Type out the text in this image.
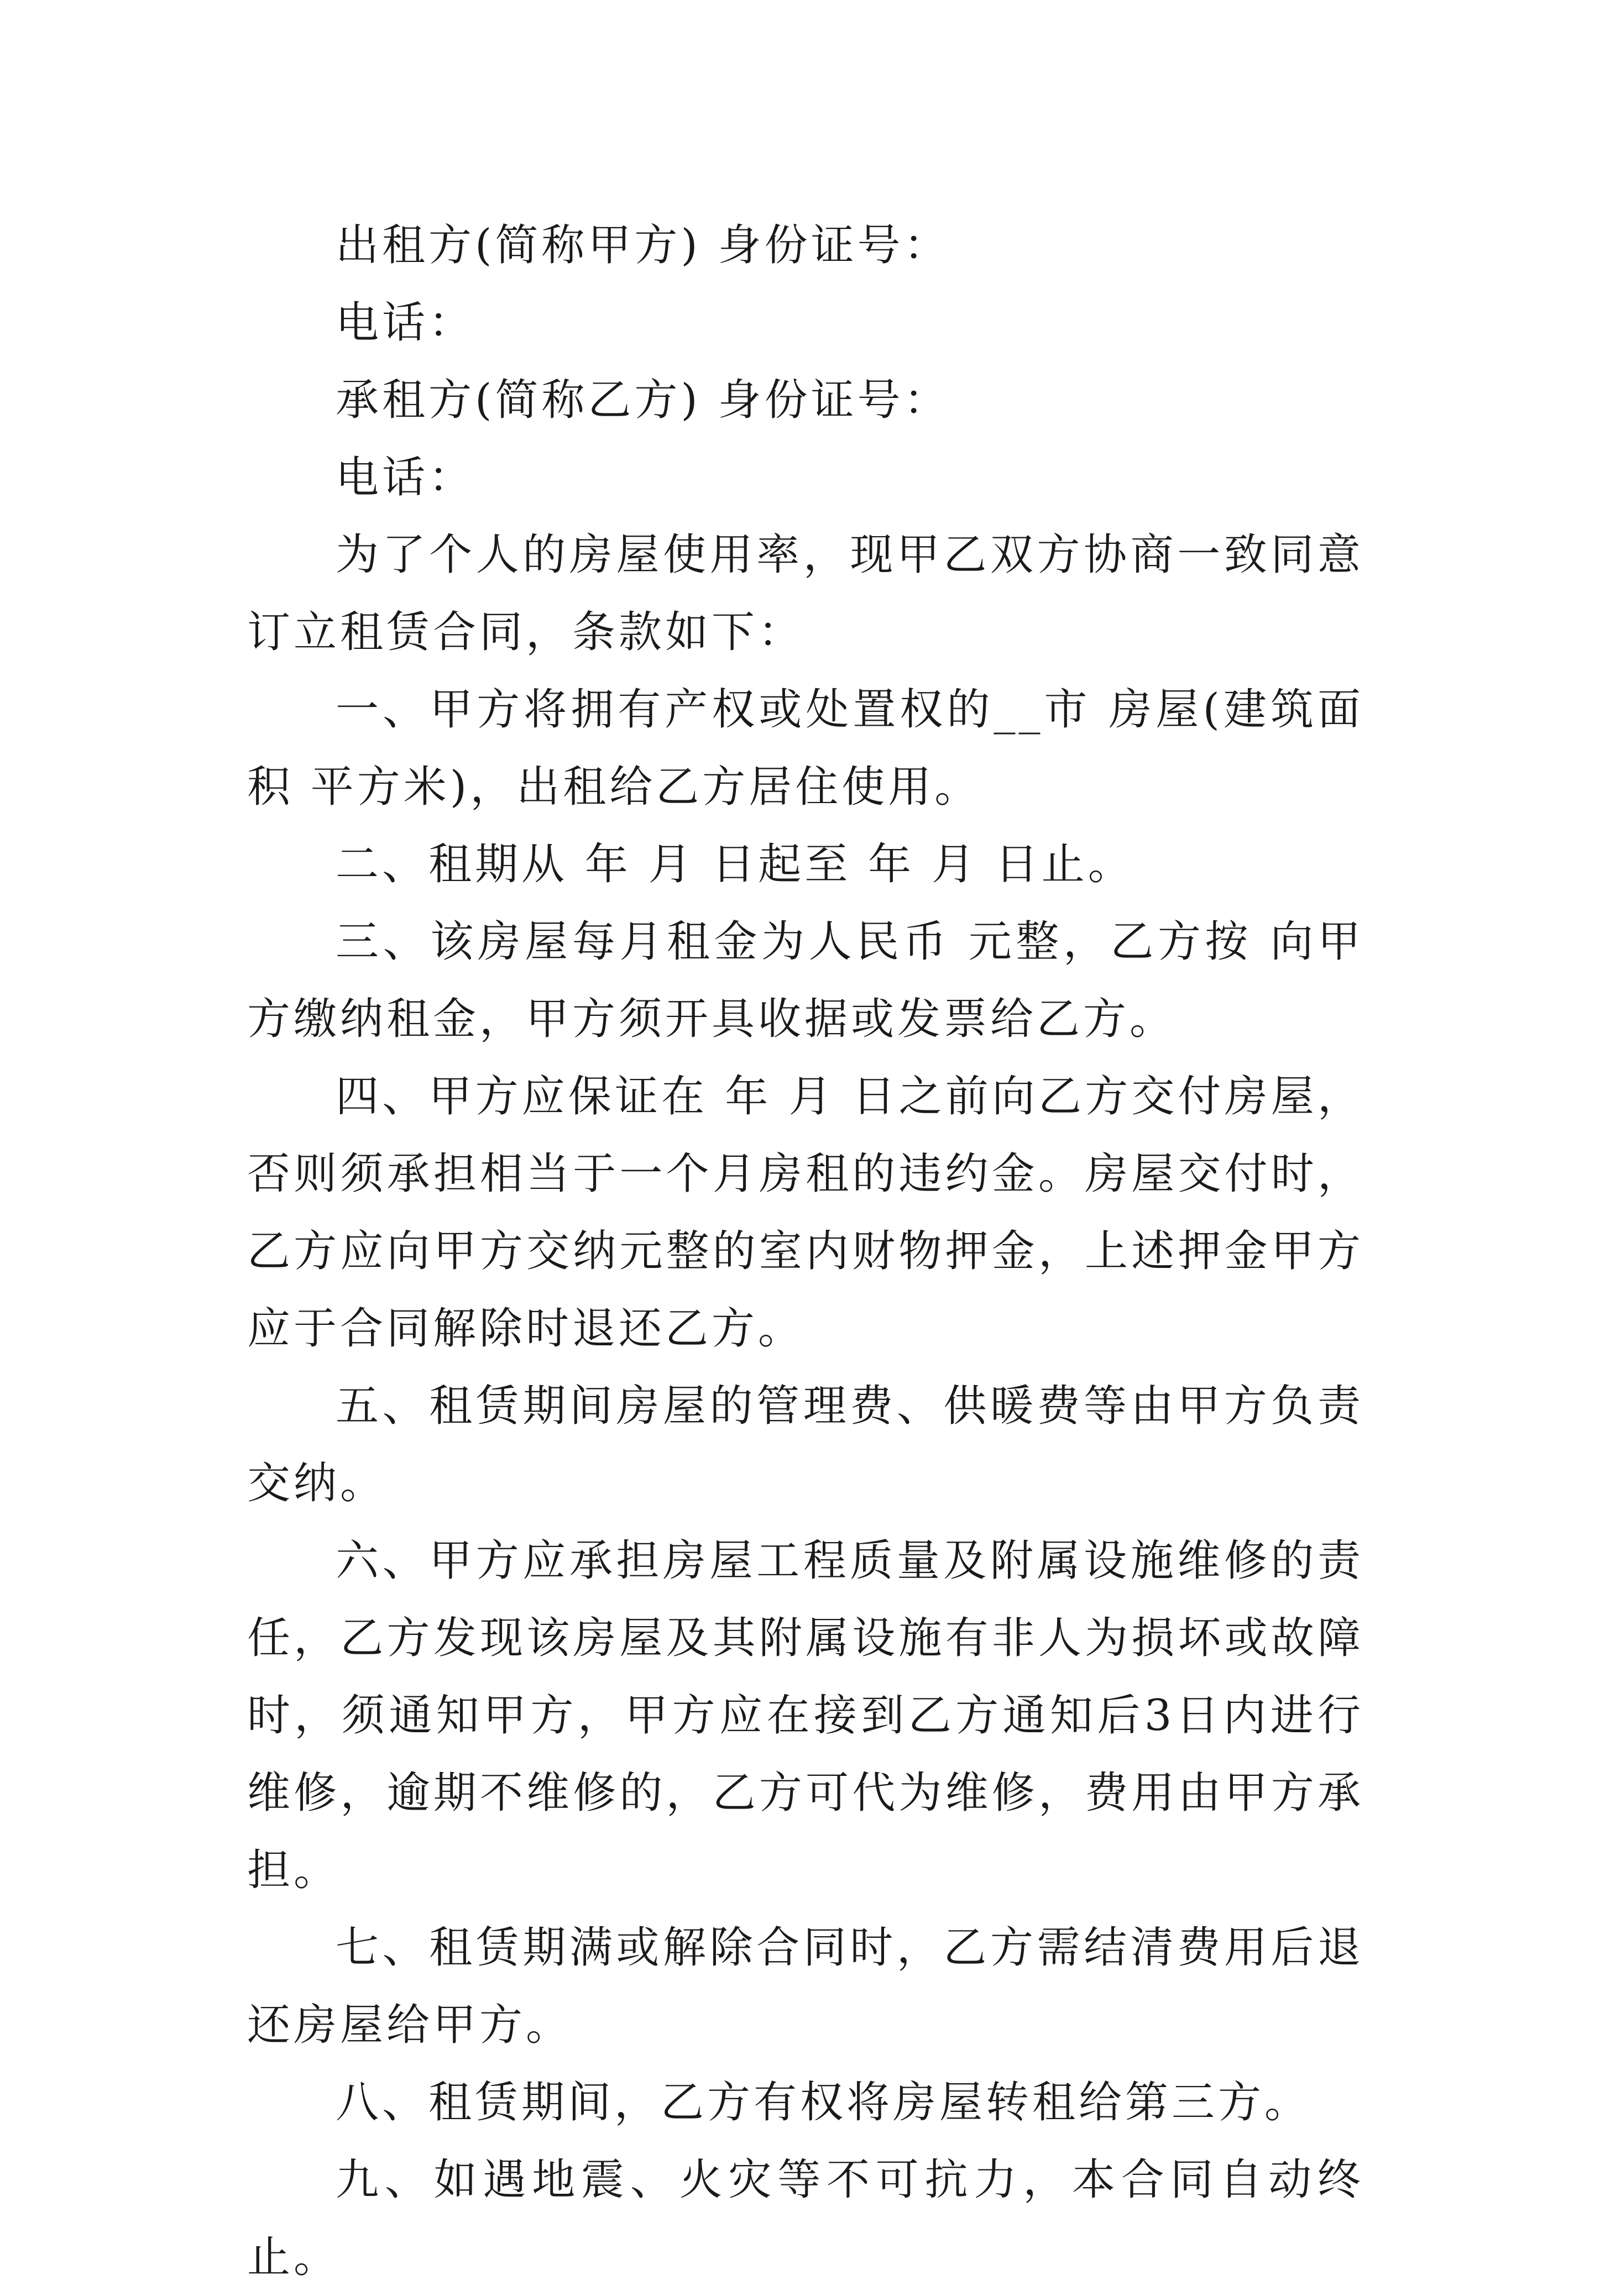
出租方(简称甲方) 身份证号：

电话：

承租方(简称乙方) 身份证号：

电话：

为了个人的房屋使用率，现甲乙双方协商一致同意订立租赁合同，条款如下：

一、甲方将拥有产权或处置权的__市 房屋(建筑面积 平方米)，出租给乙方居住使用。

二、租期从 年 月 日起至 年 月 日止。

三、该房屋每月租金为人民币 元整，乙方按 向甲方缴纳租金，甲方须开具收据或发票给乙方。

四、甲方应保证在 年 月 日之前向乙方交付房屋，否则须承担相当于一个月房租的违约金。房屋交付时，乙方应向甲方交纳元整的室内财物押金，上述押金甲方应于合同解除时退还乙方。

五、租赁期间房屋的管理费、供暖费等由甲方负责交纳。

六、甲方应承担房屋工程质量及附属设施维修的责任，乙方发现该房屋及其附属设施有非人为损坏或故障时，须通知甲方，甲方应在接到乙方通知后3日内进行维修，逾期不维修的，乙方可代为维修，费用由甲方承担。

七、租赁期满或解除合同时，乙方需结清费用后退还房屋给甲方。

八、租赁期间，乙方有权将房屋转租给第三方。

九、如遇地震、火灾等不可抗力，本合同自动终止。
